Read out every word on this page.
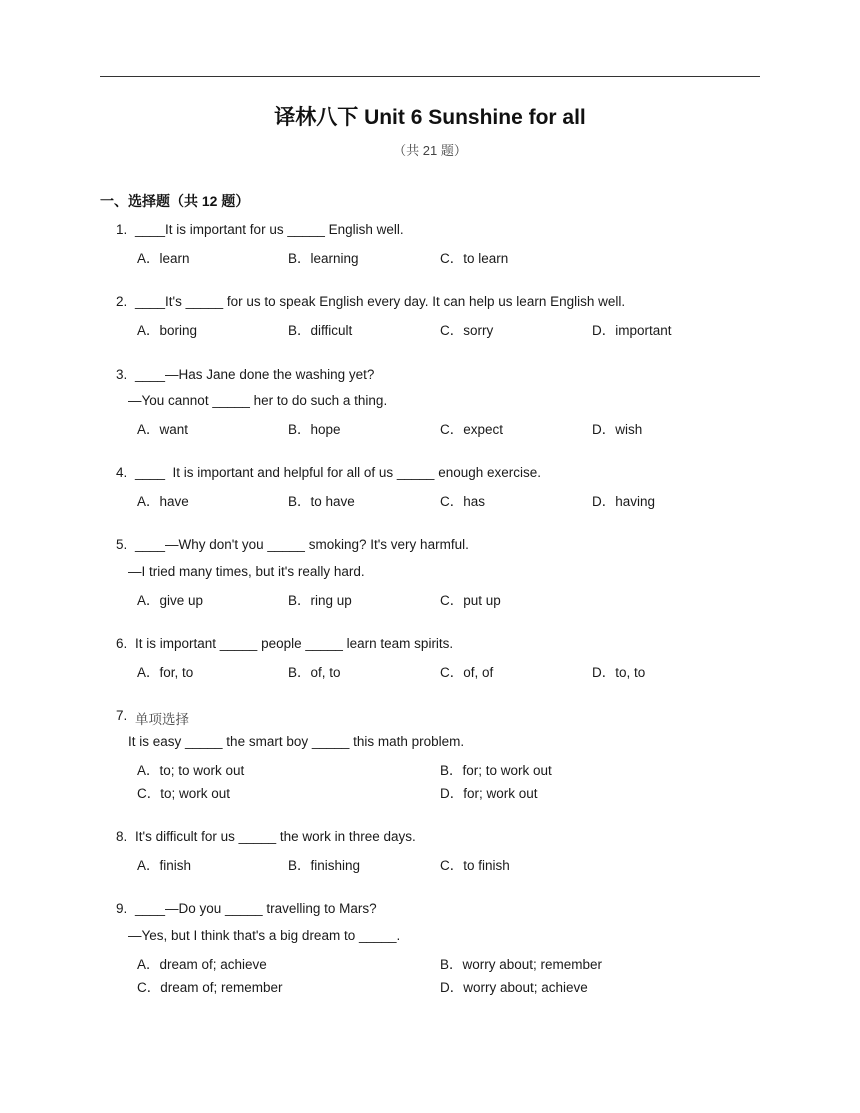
译林八下 Unit 6 Sunshine for all
（共 21 题）
一、选择题（共 12 题）
1. ____It is important for us _____ English well.
A．learn	B．learning	C．to learn
2. ____It's _____ for us to speak English every day. It can help us learn English well.
A．boring	B．difficult	C．sorry	D．important
3. ____—Has Jane done the washing yet?
—You cannot _____ her to do such a thing.
A．want	B．hope	C．expect	D．wish
4. ____  It is important and helpful for all of us _____ enough exercise.
A．have	B．to have	C．has	D．having
5. ____—Why don't you _____ smoking? It's very harmful.
—I tried many times, but it's really hard.
A．give up	B．ring up	C．put up
6. It is important _____ people _____ learn team spirits.
A．for, to	B．of, to	C．of, of	D．to, to
7. 单项选择
It is easy _____ the smart boy _____ this math problem.
A．to; to work out	B．for; to work out
C．to; work out	D．for; work out
8. It's difficult for us _____ the work in three days.
A．finish	B．finishing	C．to finish
9. ____—Do you _____ travelling to Mars?
—Yes, but I think that's a big dream to _____.
A．dream of; achieve	B．worry about; remember
C．dream of; remember	D．worry about; achieve
